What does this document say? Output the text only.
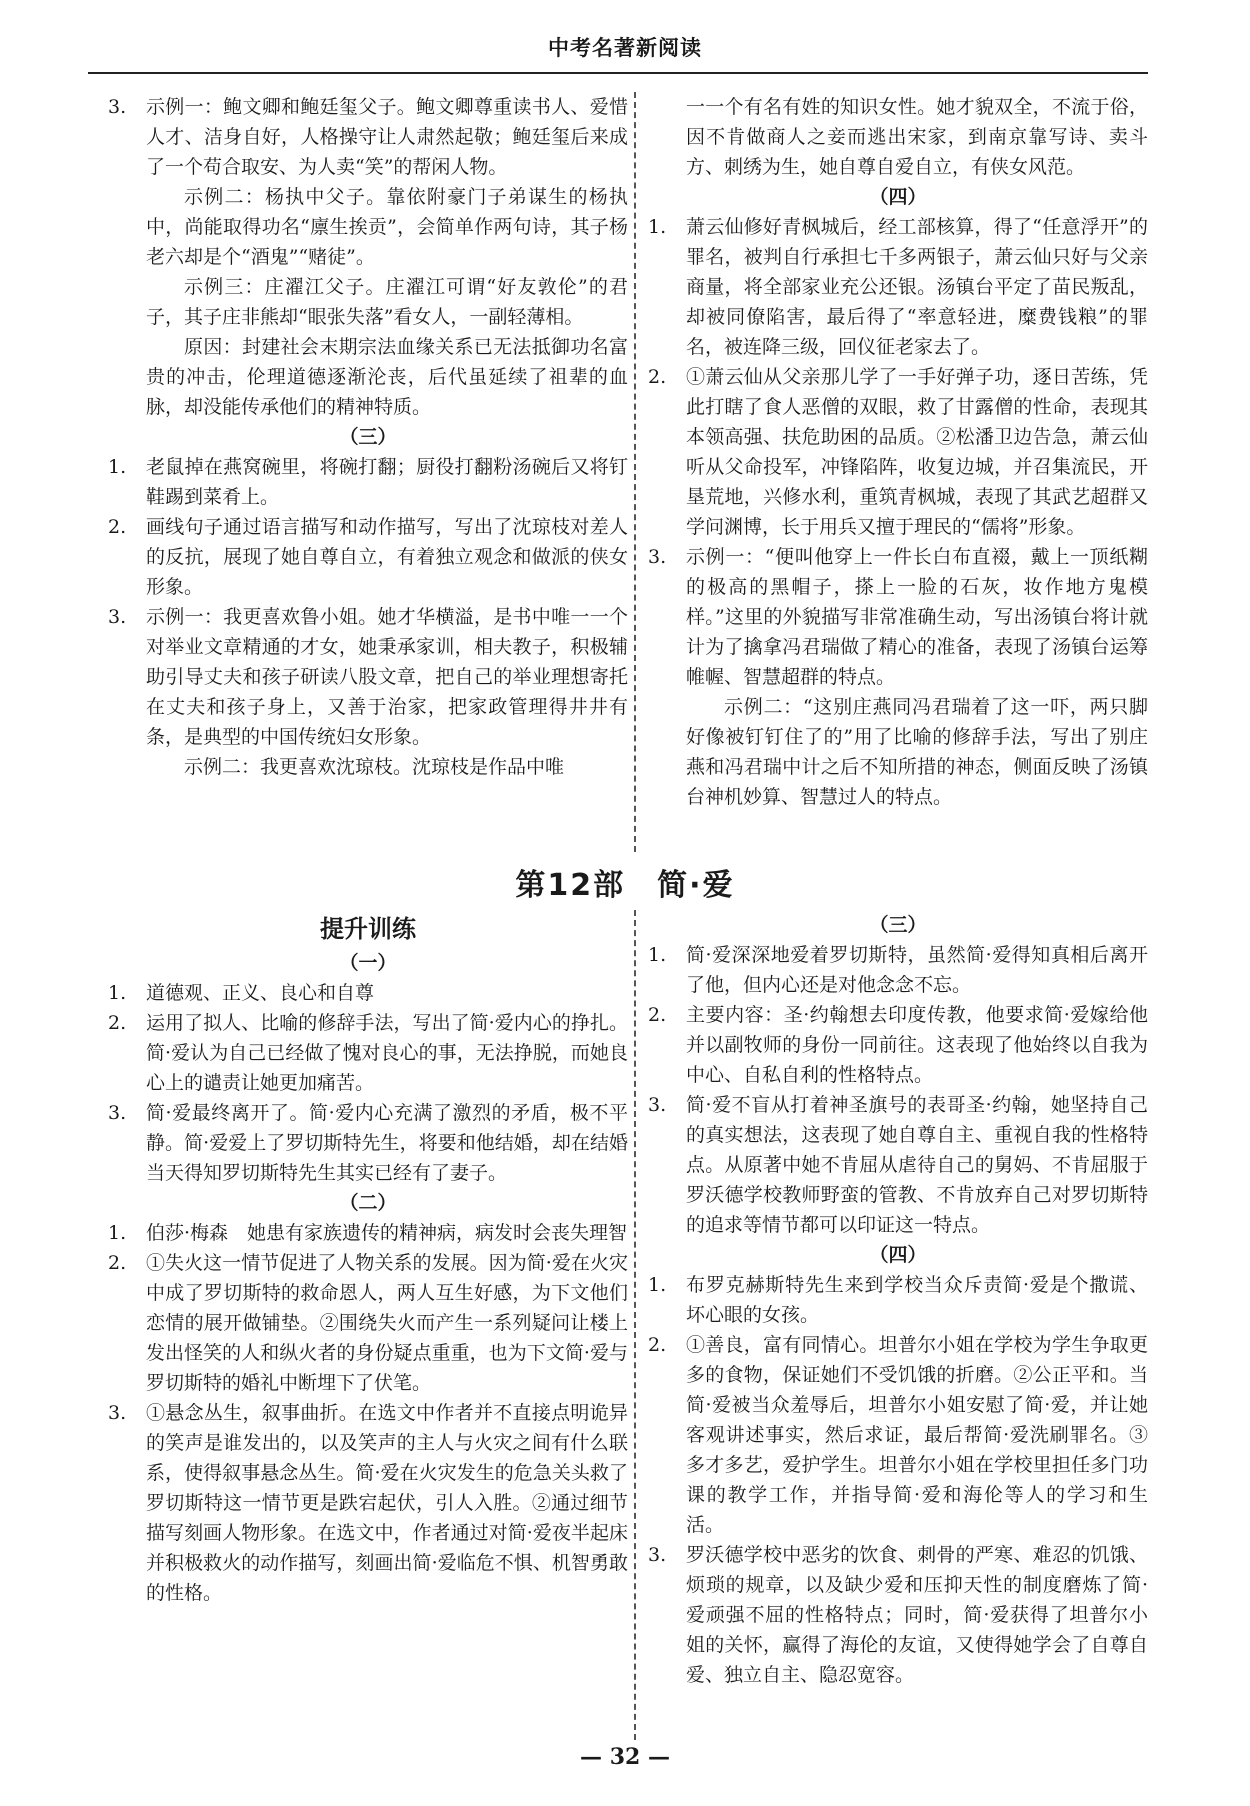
中考名著新阅读
3.	示例一：鲍文卿和鲍廷玺父子。鲍文卿尊重读书人、爱惜人才、洁身自好，人格操守让人肃然起敬；鲍廷玺后来成了一个苟合取安、为人卖“笑”的帮闲人物。
示例二：杨执中父子。靠依附豪门子弟谋生的杨执中，尚能取得功名“廪生挨贡”，会简单作两句诗，其子杨老六却是个“酒鬼”“赌徒”。
示例三：庄濯江父子。庄濯江可谓“好友敦伦”的君子，其子庄非熊却“眼张失落”看女人，一副轻薄相。
原因：封建社会末期宗法血缘关系已无法抵御功名富贵的冲击，伦理道德逐渐沦丧，后代虽延续了祖辈的血脉，却没能传承他们的精神特质。
（三）
1.	老鼠掉在燕窝碗里，将碗打翻；厨役打翻粉汤碗后又将钉鞋踢到菜肴上。
2.	画线句子通过语言描写和动作描写，写出了沈琼枝对差人的反抗，展现了她自尊自立，有着独立观念和做派的侠女形象。
3.	示例一：我更喜欢鲁小姐。她才华横溢，是书中唯一一个对举业文章精通的才女，她秉承家训，相夫教子，积极辅助引导丈夫和孩子研读八股文章，把自己的举业理想寄托在丈夫和孩子身上，又善于治家，把家政管理得井井有条，是典型的中国传统妇女形象。
示例二：我更喜欢沈琼枝。沈琼枝是作品中唯
一一个有名有姓的知识女性。她才貌双全，不流于俗，因不肯做商人之妾而逃出宋家，到南京靠写诗、卖斗方、刺绣为生，她自尊自爱自立，有侠女风范。
（四）
1.	萧云仙修好青枫城后，经工部核算，得了“任意浮开”的罪名，被判自行承担七千多两银子，萧云仙只好与父亲商量，将全部家业充公还银。汤镇台平定了苗民叛乱，却被同僚陷害，最后得了“率意轻进，糜费钱粮”的罪名，被连降三级，回仪征老家去了。
2.	①萧云仙从父亲那儿学了一手好弹子功，逐日苦练，凭此打瞎了食人恶僧的双眼，救了甘露僧的性命，表现其本领高强、扶危助困的品质。②松潘卫边告急，萧云仙听从父命投军，冲锋陷阵，收复边城，并召集流民，开垦荒地，兴修水利，重筑青枫城，表现了其武艺超群又学问渊博，长于用兵又擅于理民的“儒将”形象。
3.	示例一：“便叫他穿上一件长白布直裰，戴上一顶纸糊的极高的黑帽子，搽上一脸的石灰，妆作地方鬼模样。”这里的外貌描写非常准确生动，写出汤镇台将计就计为了擒拿冯君瑞做了精心的准备，表现了汤镇台运筹帷幄、智慧超群的特点。
示例二：“这别庄燕同冯君瑞着了这一吓，两只脚好像被钉钉住了的”用了比喻的修辞手法，写出了别庄燕和冯君瑞中计之后不知所措的神态，侧面反映了汤镇台神机妙算、智慧过人的特点。
第12部　简·爱
提升训练
（一）
1.	道德观、正义、良心和自尊
2.	运用了拟人、比喻的修辞手法，写出了简·爱内心的挣扎。简·爱认为自己已经做了愧对良心的事，无法挣脱，而她良心上的谴责让她更加痛苦。
3.	简·爱最终离开了。简·爱内心充满了激烈的矛盾，极不平静。简·爱爱上了罗切斯特先生，将要和他结婚，却在结婚当天得知罗切斯特先生其实已经有了妻子。
（二）
1.	伯莎·梅森　她患有家族遗传的精神病，病发时会丧失理智
2.	①失火这一情节促进了人物关系的发展。因为简·爱在火灾中成了罗切斯特的救命恩人，两人互生好感，为下文他们恋情的展开做铺垫。②围绕失火而产生一系列疑问让楼上发出怪笑的人和纵火者的身份疑点重重，也为下文简·爱与罗切斯特的婚礼中断埋下了伏笔。
3.	①悬念丛生，叙事曲折。在选文中作者并不直接点明诡异的笑声是谁发出的，以及笑声的主人与火灾之间有什么联系，使得叙事悬念丛生。简·爱在火灾发生的危急关头救了罗切斯特这一情节更是跌宕起伏，引人入胜。②通过细节描写刻画人物形象。在选文中，作者通过对简·爱夜半起床并积极救火的动作描写，刻画出简·爱临危不惧、机智勇敢的性格。
（三）
1.	简·爱深深地爱着罗切斯特，虽然简·爱得知真相后离开了他，但内心还是对他念念不忘。
2.	主要内容：圣·约翰想去印度传教，他要求简·爱嫁给他并以副牧师的身份一同前往。这表现了他始终以自我为中心、自私自利的性格特点。
3.	简·爱不盲从打着神圣旗号的表哥圣·约翰，她坚持自己的真实想法，这表现了她自尊自主、重视自我的性格特点。从原著中她不肯屈从虐待自己的舅妈、不肯屈服于罗沃德学校教师野蛮的管教、不肯放弃自己对罗切斯特的追求等情节都可以印证这一特点。
（四）
1.	布罗克赫斯特先生来到学校当众斥责简·爱是个撒谎、坏心眼的女孩。
2.	①善良，富有同情心。坦普尔小姐在学校为学生争取更多的食物，保证她们不受饥饿的折磨。②公正平和。当简·爱被当众羞辱后，坦普尔小姐安慰了简·爱，并让她客观讲述事实，然后求证，最后帮简·爱洗刷罪名。③多才多艺，爱护学生。坦普尔小姐在学校里担任多门功课的教学工作，并指导简·爱和海伦等人的学习和生活。
3.	罗沃德学校中恶劣的饮食、刺骨的严寒、难忍的饥饿、烦琐的规章，以及缺少爱和压抑天性的制度磨炼了简·爱顽强不屈的性格特点；同时，简·爱获得了坦普尔小姐的关怀，赢得了海伦的友谊，又使得她学会了自尊自爱、独立自主、隐忍宽容。
— 32 —
